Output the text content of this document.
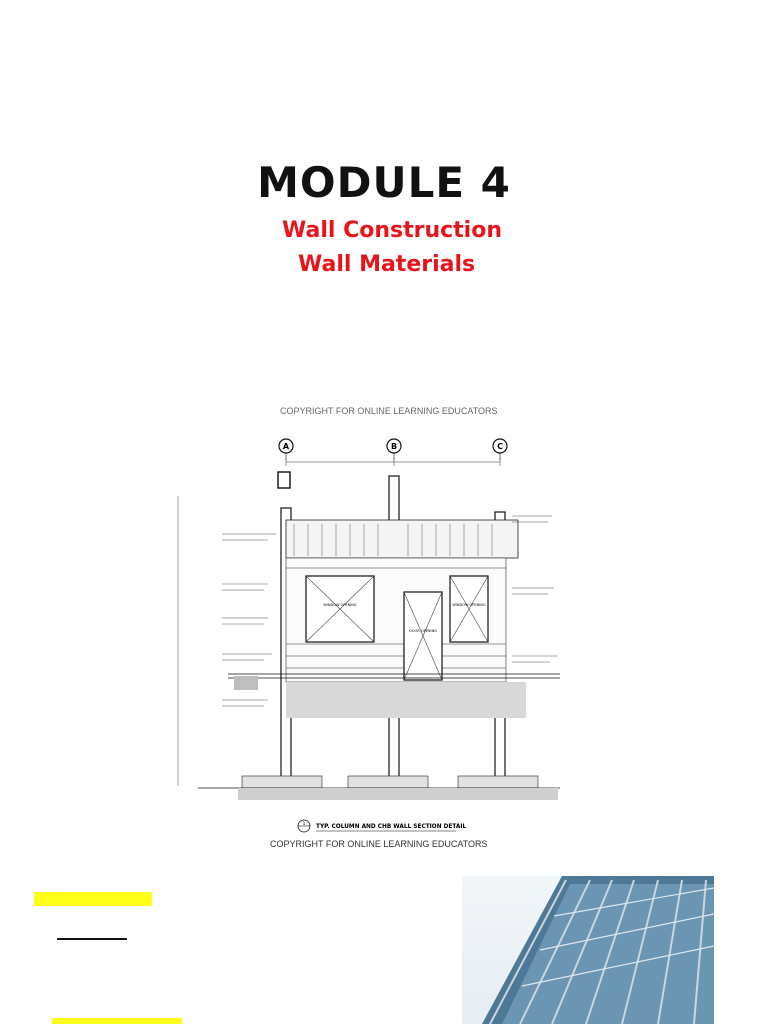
MODULE 4
Wall Construction
Wall Materials
COPYRIGHT FOR ONLINE LEARNING EDUCATORS
A	B	C
WINDOW OPENING
DOOR OPENING
WINDOW OPENING
1
TYP. COLUMN AND CHB WALL SECTION DETAIL
COPYRIGHT FOR ONLINE LEARNING EDUCATORS
